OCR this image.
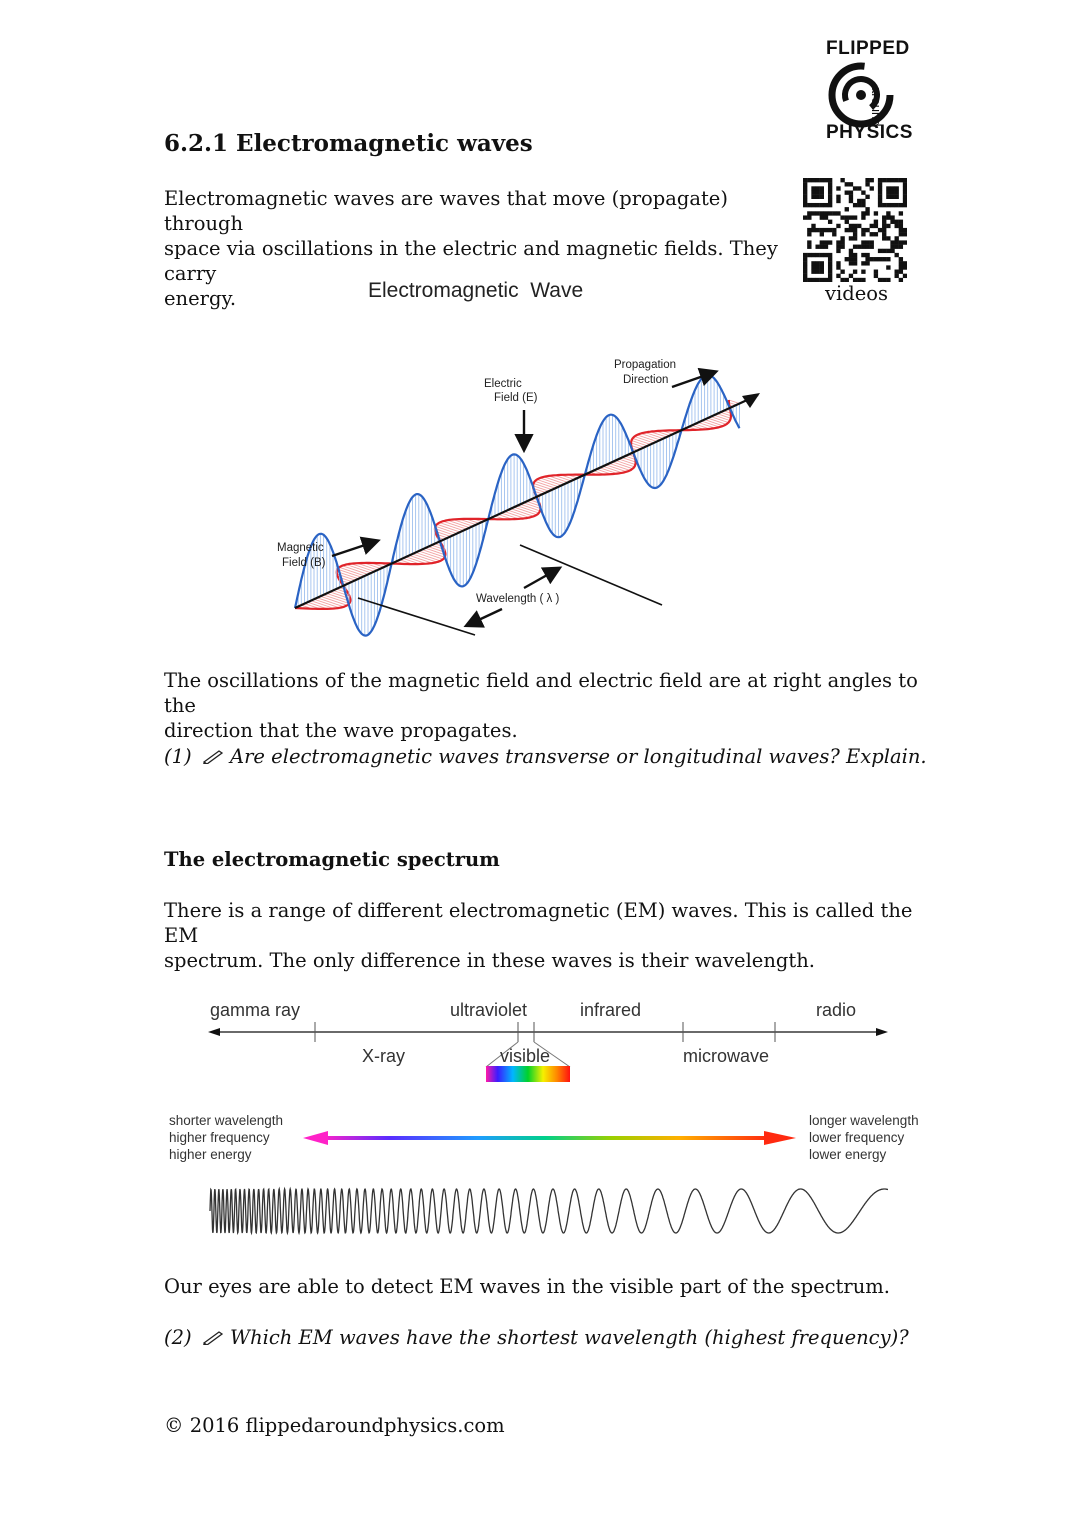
FLIPPED
around
PHYSICS
6.2.1 Electromagnetic waves
Electromagnetic waves are waves that move (propagate) through
space via oscillations in the electric and magnetic fields. They carry
energy.	videos
Electromagnetic  Wave
Electric
Field (E)
Propagation
Direction
Magnetic
Field (B)
Wavelength ( λ )
The oscillations of the magnetic field and electric field are at right angles to the
direction that the wave propagates.
(1) Are electromagnetic waves transverse or longitudinal waves? Explain.
The electromagnetic spectrum
There is a range of different electromagnetic (EM) waves. This is called the EM
spectrum. The only difference in these waves is their wavelength.
gamma ray	ultraviolet	infrared	radio
X-ray	visible	microwave
shorter wavelength
higher frequency
higher energy
longer wavelength
lower frequency
lower energy
Our eyes are able to detect EM waves in the visible part of the spectrum.
(2) Which EM waves have the shortest wavelength (highest frequency)?
© 2016 flippedaroundphysics.com
